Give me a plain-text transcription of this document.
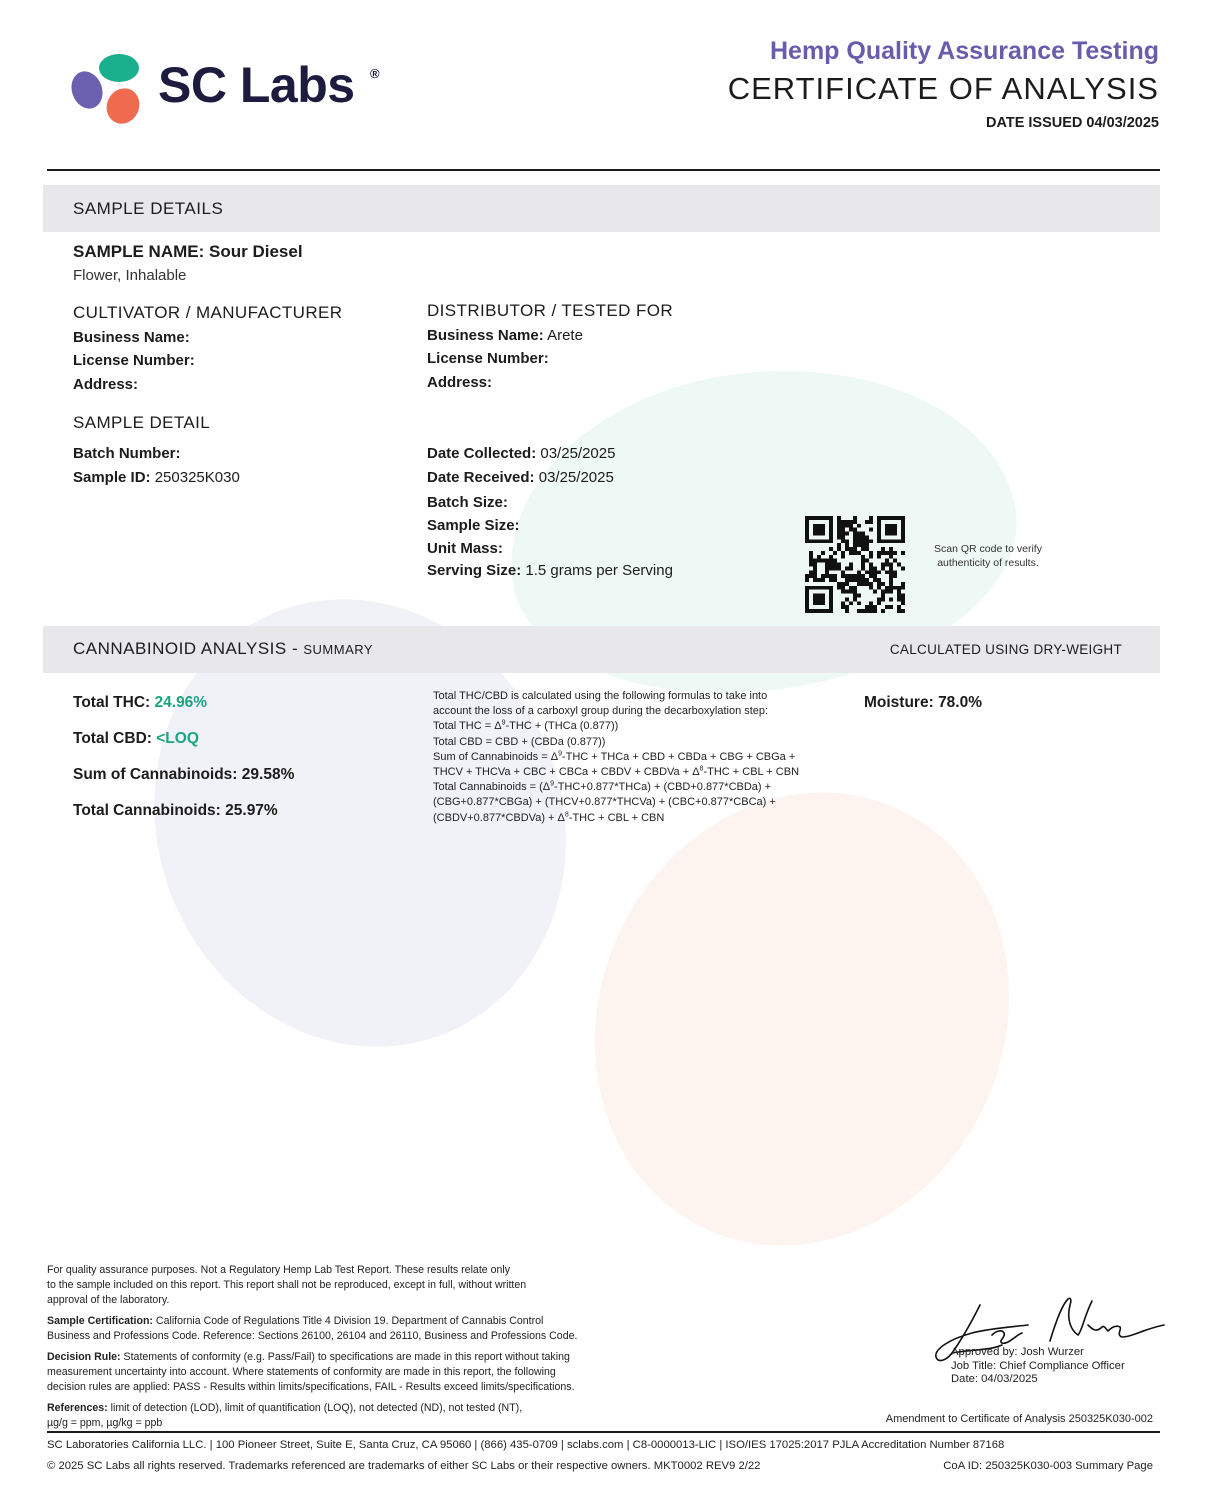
SC Labs ®
Hemp Quality Assurance Testing
CERTIFICATE OF ANALYSIS
DATE ISSUED 04/03/2025
SAMPLE DETAILS
SAMPLE NAME: Sour Diesel
Flower, Inhalable
CULTIVATOR / MANUFACTURER
Business Name:
License Number:
Address:
DISTRIBUTOR / TESTED FOR
Business Name: Arete
License Number:
Address:
SAMPLE DETAIL
Batch Number:
Sample ID: 250325K030
Date Collected: 03/25/2025
Date Received: 03/25/2025
Batch Size:
Sample Size:
Unit Mass:
Serving Size: 1.5 grams per Serving
Scan QR code to verify
authenticity of results.
CANNABINOID ANALYSIS - SUMMARY	CALCULATED USING DRY-WEIGHT
Total THC: 24.96%
Total CBD: <LOQ
Sum of Cannabinoids: 29.58%
Total Cannabinoids: 25.97%
Total THC/CBD is calculated using the following formulas to take into
account the loss of a carboxyl group during the decarboxylation step:
Total THC = $\Delta^9$-THC + (THCa (0.877))
Total CBD = CBD + (CBDa (0.877))
Sum of Cannabinoids = $\Delta^9$-THC + THCa + CBD + CBDa + CBG + CBGa +
THCV + THCVa + CBC + CBCa + CBDV + CBDVa + $\Delta^8$-THC + CBL + CBN
Total Cannabinoids = $(\Delta^9-THC+0.877*THCa)$ + (CBD+0.877*CBDa) +
(CBG+0.877*CBGa) + (THCV+0.877*THCVa) + (CBC+0.877*CBCa) +
(CBDV+0.877*CBDVa) + $\Delta^8$-THC + CBL + CBN
Moisture: 78.0%
For quality assurance purposes. Not a Regulatory Hemp Lab Test Report. These results relate only
to the sample included on this report. This report shall not be reproduced, except in full, without written
approval of the laboratory.
Sample Certification: California Code of Regulations Title 4 Division 19. Department of Cannabis Control
Business and Professions Code. Reference: Sections 26100, 26104 and 26110, Business and Professions Code.
Decision Rule: Statements of conformity (e.g. Pass/Fail) to specifications are made in this report without taking
measurement uncertainty into account. Where statements of conformity are made in this report, the following
decision rules are applied: PASS - Results within limits/specifications, FAIL - Results exceed limits/specifications.
References: limit of detection (LOD), limit of quantification (LOQ), not detected (ND), not tested (NT),
µg/g = ppm, µg/kg = ppb
Approved by: Josh Wurzer
Job Title: Chief Compliance Officer
Date: 04/03/2025
Amendment to Certificate of Analysis 250325K030-002
SC Laboratories California LLC. | 100 Pioneer Street, Suite E, Santa Cruz, CA 95060 | (866) 435-0709 | sclabs.com | C8-0000013-LIC | ISO/IES 17025:2017 PJLA Accreditation Number 87168
© 2025 SC Labs all rights reserved. Trademarks referenced are trademarks of either SC Labs or their respective owners. MKT0002 REV9 2/22	CoA ID: 250325K030-003 Summary Page
